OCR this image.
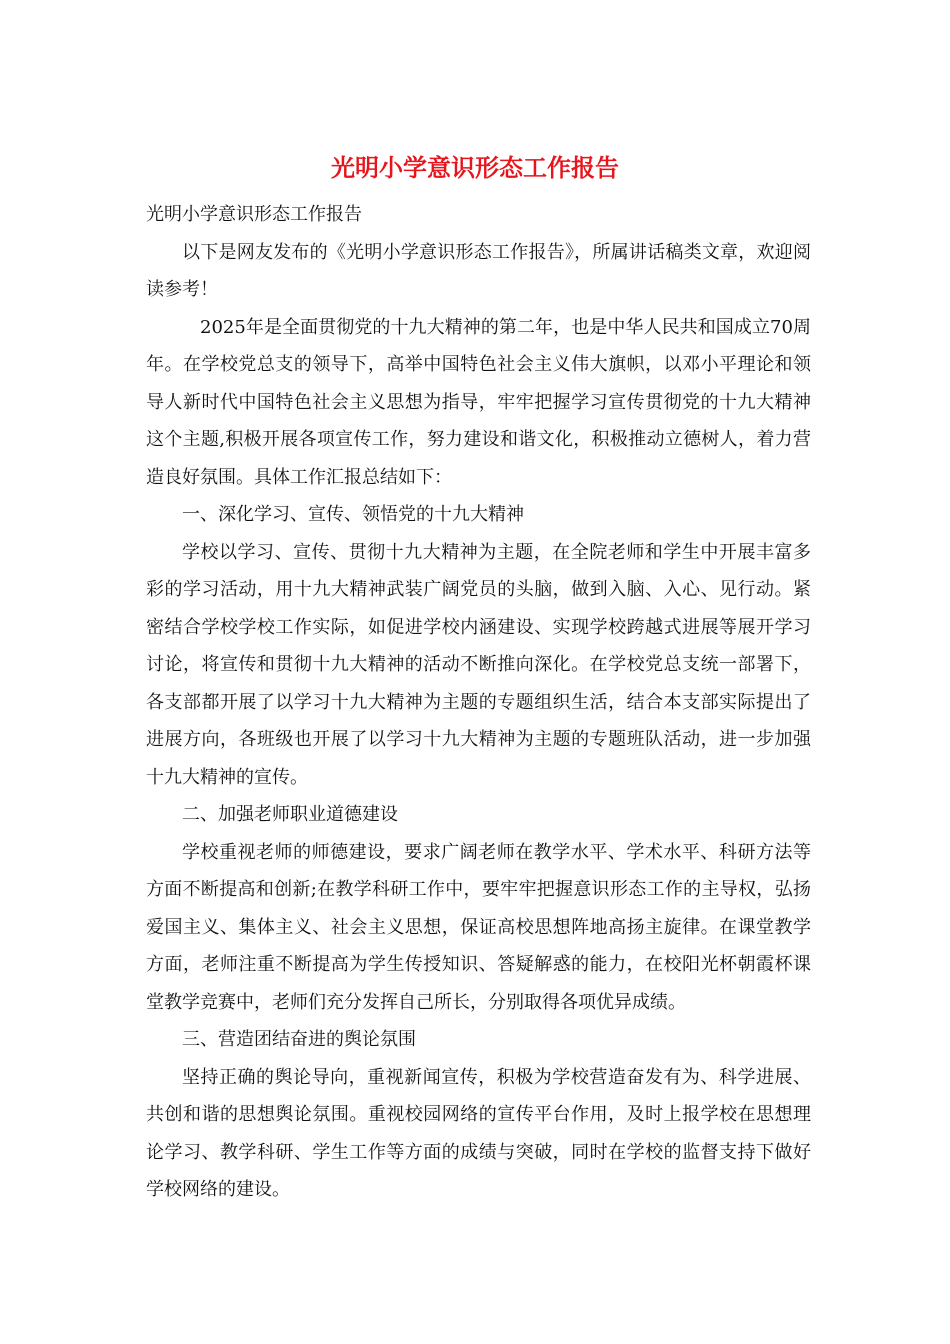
光明小学意识形态工作报告

光明小学意识形态工作报告

以下是网友发布的《光明小学意识形态工作报告》，所属讲话稿类文章，欢迎阅读参考！

2025年是全面贯彻党的十九大精神的第二年，也是中华人民共和国成立70周年。在学校党总支的领导下，高举中国特色社会主义伟大旗帜，以邓小平理论和领导人新时代中国特色社会主义思想为指导，牢牢把握学习宣传贯彻党的十九大精神这个主题,积极开展各项宣传工作，努力建设和谐文化，积极推动立德树人，着力营造良好氛围。具体工作汇报总结如下：

一、深化学习、宣传、领悟党的十九大精神

学校以学习、宣传、贯彻十九大精神为主题，在全院老师和学生中开展丰富多彩的学习活动，用十九大精神武装广阔党员的头脑，做到入脑、入心、见行动。紧密结合学校学校工作实际，如促进学校内涵建设、实现学校跨越式进展等展开学习讨论，将宣传和贯彻十九大精神的活动不断推向深化。在学校党总支统一部署下，各支部都开展了以学习十九大精神为主题的专题组织生活，结合本支部实际提出了进展方向，各班级也开展了以学习十九大精神为主题的专题班队活动，进一步加强十九大精神的宣传。

二、加强老师职业道德建设

学校重视老师的师德建设，要求广阔老师在教学水平、学术水平、科研方法等方面不断提高和创新;在教学科研工作中，要牢牢把握意识形态工作的主导权，弘扬爱国主义、集体主义、社会主义思想，保证高校思想阵地高扬主旋律。在课堂教学方面，老师注重不断提高为学生传授知识、答疑解惑的能力，在校阳光杯朝霞杯课堂教学竞赛中，老师们充分发挥自己所长，分别取得各项优异成绩。

三、营造团结奋进的舆论氛围

坚持正确的舆论导向，重视新闻宣传，积极为学校营造奋发有为、科学进展、共创和谐的思想舆论氛围。重视校园网络的宣传平台作用，及时上报学校在思想理论学习、教学科研、学生工作等方面的成绩与突破，同时在学校的监督支持下做好学校网络的建设。
